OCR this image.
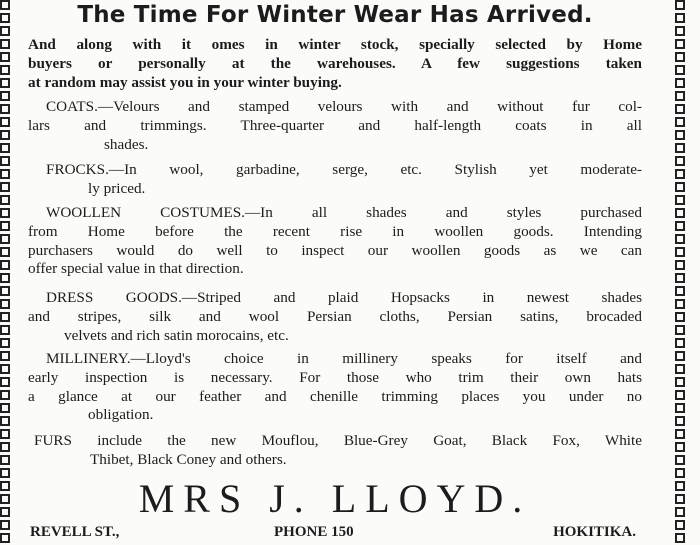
The Time For Winter Wear Has Arrived.
And along with it omes in winter stock, specially selected by Home
buyers or personally at the warehouses. A few suggestions taken
at random may assist you in your winter buying.
COATS.—Velours and stamped velours with and without fur col-
lars and trimmings. Three-quarter and half-length coats in all
shades.
FROCKS.—In wool, garbadine, serge, etc. Stylish yet moderate-
ly priced.
WOOLLEN COSTUMES.—In all shades and styles purchased
from Home before the recent rise in woollen goods. Intending
purchasers would do well to inspect our woollen goods as we can
offer special value in that direction.
DRESS GOODS.—Striped and plaid Hopsacks in newest shades
and stripes, silk and wool Persian cloths, Persian satins, brocaded
velvets and rich satin morocains, etc.
MILLINERY.—Lloyd's choice in millinery speaks for itself and
early inspection is necessary. For those who trim their own hats
a glance at our feather and chenille trimming places you under no
obligation.
FURS include the new Mouflou, Blue-Grey Goat, Black Fox, White
Thibet, Black Coney and others.
MRS J. LLOYD.
REVELL ST.,	PHONE 150	HOKITIKA.
